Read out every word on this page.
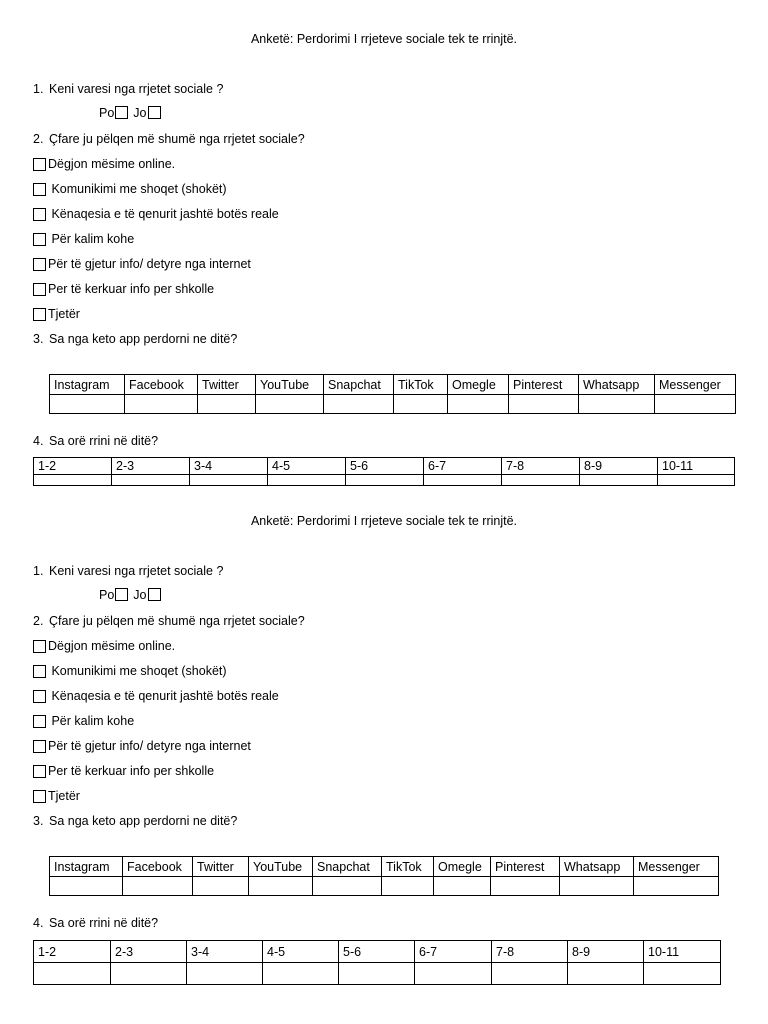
Anketë: Perdorimi I rrjeteve sociale tek te rrinjtë.
1. Keni varesi nga rrjetet sociale ?
Po Jo
2. Çfare ju pëlqen më shumë nga rrjetet sociale?
Dëgjon mësime online.
Komunikimi me shoqet (shokët)
Kënaqesia e të qenurit jashtë botës reale
Për kalim kohe
Për të gjetur info/ detyre nga internet
Per të kerkuar info per shkolle
Tjetër
3. Sa nga keto app perdorni ne ditë?
Instagram	Facebook	Twitter	YouTube	Snapchat	TikTok	Omegle	Pinterest	Whatsapp	Messenger

4. Sa orë rrini në ditë?
1-2	2-3	3-4	4-5	5-6	6-7	7-8	8-9	10-11

Anketë: Perdorimi I rrjeteve sociale tek te rrinjtë.
1. Keni varesi nga rrjetet sociale ?
Po Jo
2. Çfare ju pëlqen më shumë nga rrjetet sociale?
Dëgjon mësime online.
Komunikimi me shoqet (shokët)
Kënaqesia e të qenurit jashtë botës reale
Për kalim kohe
Për të gjetur info/ detyre nga internet
Per të kerkuar info per shkolle
Tjetër
3. Sa nga keto app perdorni ne ditë?
Instagram	Facebook	Twitter	YouTube	Snapchat	TikTok	Omegle	Pinterest	Whatsapp	Messenger

4. Sa orë rrini në ditë?
1-2	2-3	3-4	4-5	5-6	6-7	7-8	8-9	10-11
